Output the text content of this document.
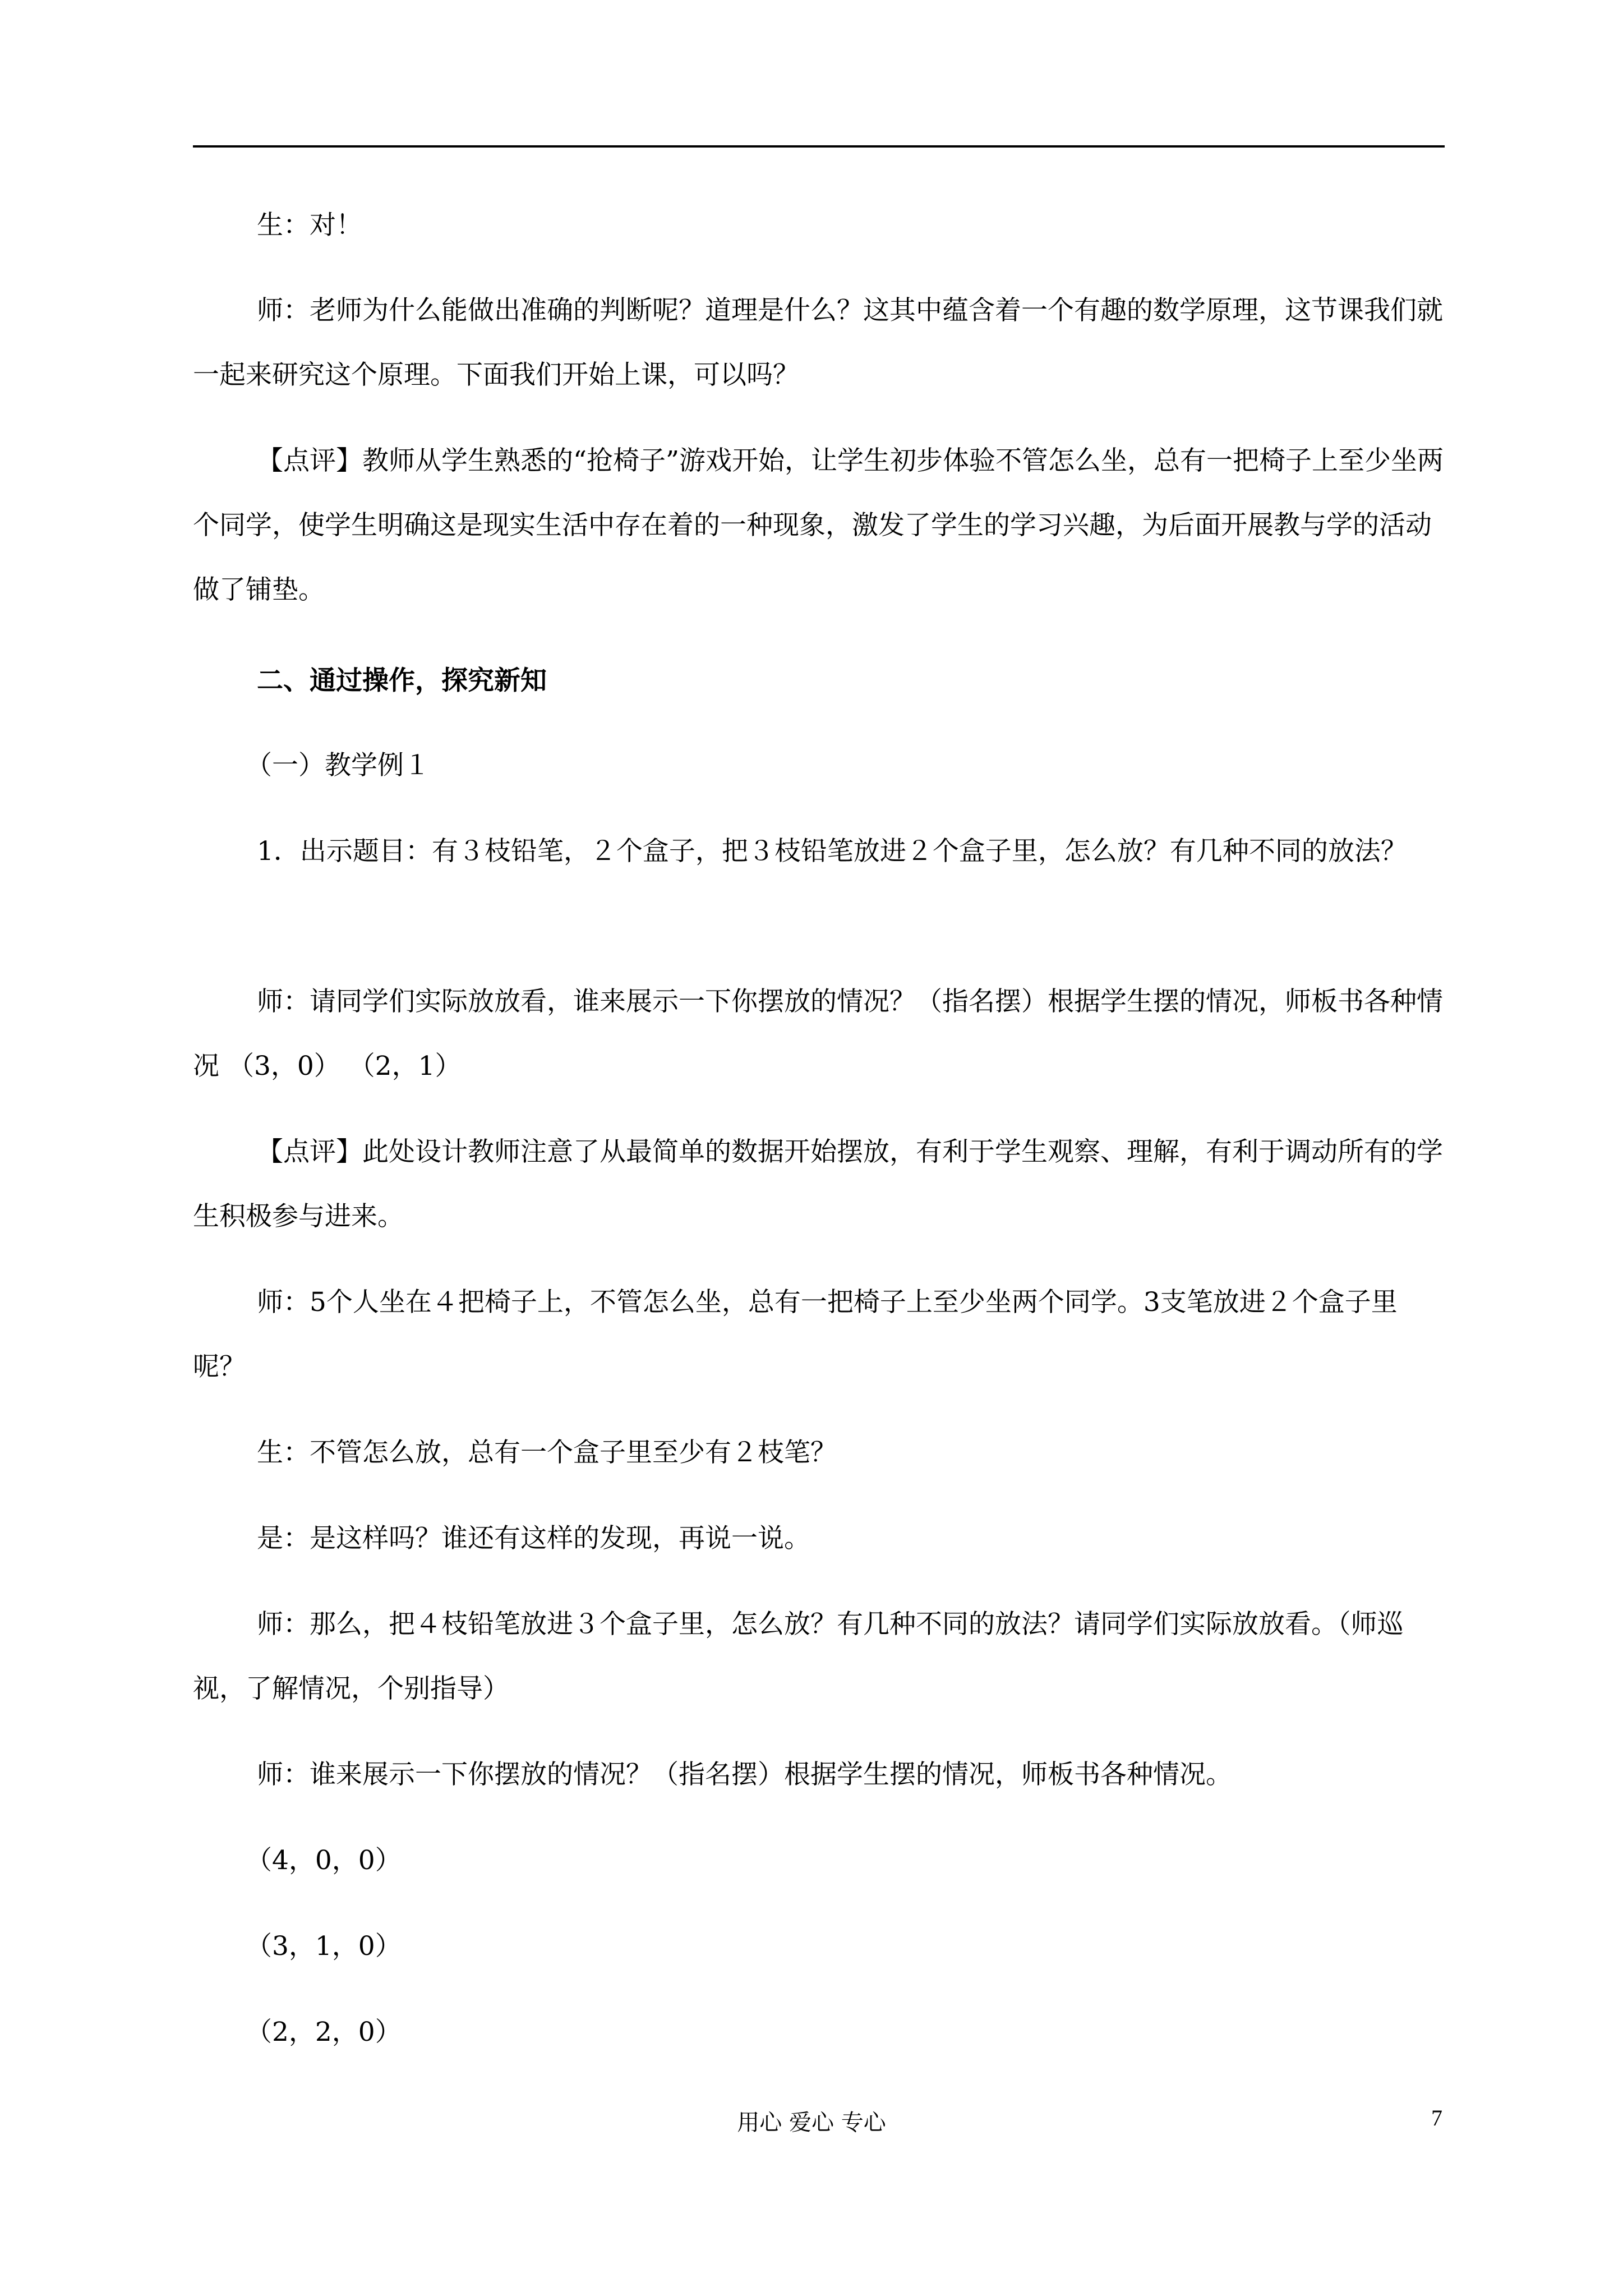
生：对！

师：老师为什么能做出准确的判断呢？道理是什么？这其中蕴含着一个有趣的数学原理，这节课我们就一起来研究这个原理。下面我们开始上课，可以吗？

【点评】教师从学生熟悉的“抢椅子”游戏开始，让学生初步体验不管怎么坐，总有一把椅子上至少坐两个同学，使学生明确这是现实生活中存在着的一种现象，激发了学生的学习兴趣，为后面开展教与学的活动做了铺垫。

二、通过操作，探究新知

（一）教学例１

1．出示题目：有３枝铅笔，２个盒子，把３枝铅笔放进２个盒子里，怎么放？有几种不同的放法？

师：请同学们实际放放看，谁来展示一下你摆放的情况？（指名摆）根据学生摆的情况，师板书各种情况 （3，0） （2，1）

【点评】此处设计教师注意了从最简单的数据开始摆放，有利于学生观察、理解，有利于调动所有的学生积极参与进来。

师：5个人坐在４把椅子上，不管怎么坐，总有一把椅子上至少坐两个同学。3支笔放进２个盒子里呢？

生：不管怎么放，总有一个盒子里至少有２枝笔？

是：是这样吗？谁还有这样的发现，再说一说。

师：那么，把４枝铅笔放进３个盒子里，怎么放？有几种不同的放法？请同学们实际放放看。（师巡视，了解情况，个别指导）

师：谁来展示一下你摆放的情况？（指名摆）根据学生摆的情况，师板书各种情况。

（4，0，0）

（3，1，0）

（2，2，0）

用心 爱心 专心	7
